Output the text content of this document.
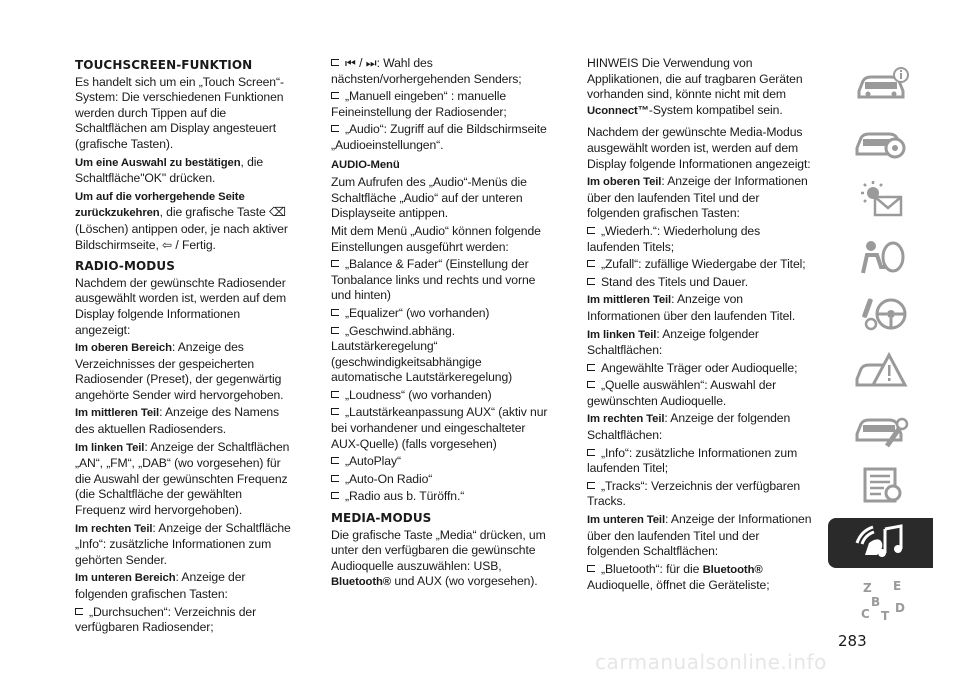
TOUCHSCREEN-FUNKTION

Es handelt sich um ein „Touch Screen“-System: Die verschiedenen Funktionen werden durch Tippen auf die Schaltflächen am Display angesteuert (grafische Tasten).

Um eine Auswahl zu bestätigen, die Schaltfläche"OK" drücken.

Um auf die vorhergehende Seite zurückzukehren, die grafische Taste ⌫ (Löschen) antippen oder, je nach aktiver Bildschirmseite, ⇦ / Fertig.

RADIO-MODUS

Nachdem der gewünschte Radiosender ausgewählt worden ist, werden auf dem Display folgende Informationen angezeigt:

Im oberen Bereich: Anzeige des Verzeichnisses der gespeicherten Radiosender (Preset), der gegenwärtig angehörte Sender wird hervorgehoben.

Im mittleren Teil: Anzeige des Namens des aktuellen Radiosenders.

Im linken Teil: Anzeige der Schaltflächen „AN“, „FM“, „DAB“ (wo vorgesehen) für die Auswahl der gewünschten Frequenz (die Schaltfläche der gewählten Frequenz wird hervorgehoben).

Im rechten Teil: Anzeige der Schaltfläche „Info“: zusätzliche Informationen zum gehörten Sender.

Im unteren Bereich: Anzeige der folgenden grafischen Tasten:

„Durchsuchen“: Verzeichnis der verfügbaren Radiosender;

⏮ / ⏭: Wahl des nächsten/vorhergehenden Senders;

„Manuell eingeben“ : manuelle Feineinstellung der Radiosender;

„Audio“: Zugriff auf die Bildschirmseite „Audioeinstellungen“.

AUDIO-Menü

Zum Aufrufen des „Audio“-Menüs die Schaltfläche „Audio“ auf der unteren Displayseite antippen.

Mit dem Menü „Audio“ können folgende Einstellungen ausgeführt werden:

„Balance & Fader“ (Einstellung der Tonbalance links und rechts und vorne und hinten)

„Equalizer“ (wo vorhanden)

„Geschwind.abhäng. Lautstärkeregelung“ (geschwindigkeitsabhängige automatische Lautstärkeregelung)

„Loudness“ (wo vorhanden)

„Lautstärkeanpassung AUX“ (aktiv nur bei vorhandener und eingeschalteter AUX-Quelle) (falls vorgesehen)

„AutoPlay“

„Auto-On Radio“

„Radio aus b. Türöffn.“

MEDIA-MODUS

Die grafische Taste „Media“ drücken, um unter den verfügbaren die gewünschte Audioquelle auszuwählen: USB, Bluetooth® und AUX (wo vorgesehen).

HINWEIS Die Verwendung von Applikationen, die auf tragbaren Geräten vorhanden sind, könnte nicht mit dem Uconnect™-System kompatibel sein.

Nachdem der gewünschte Media-Modus ausgewählt worden ist, werden auf dem Display folgende Informationen angezeigt:

Im oberen Teil: Anzeige der Informationen über den laufenden Titel und der folgenden grafischen Tasten:

„Wiederh.“: Wiederholung des laufenden Titels;

„Zufall“: zufällige Wiedergabe der Titel;

Stand des Titels und Dauer.

Im mittleren Teil: Anzeige von Informationen über den laufenden Titel.

Im linken Teil: Anzeige folgender Schaltflächen:

Angewählte Träger oder Audioquelle;

„Quelle auswählen“: Auswahl der gewünschten Audioquelle.

Im rechten Teil: Anzeige der folgenden Schaltflächen:

„Info“: zusätzliche Informationen zum laufenden Titel;

„Tracks“: Verzeichnis der verfügbaren Tracks.

Im unteren Teil: Anzeige der Informationen über den laufenden Titel und der folgenden Schaltflächen:

„Bluetooth“: für die Bluetooth® Audioquelle, öffnet die Geräteliste;	Z E
B
C T
D
283
carmanualsonline.info
